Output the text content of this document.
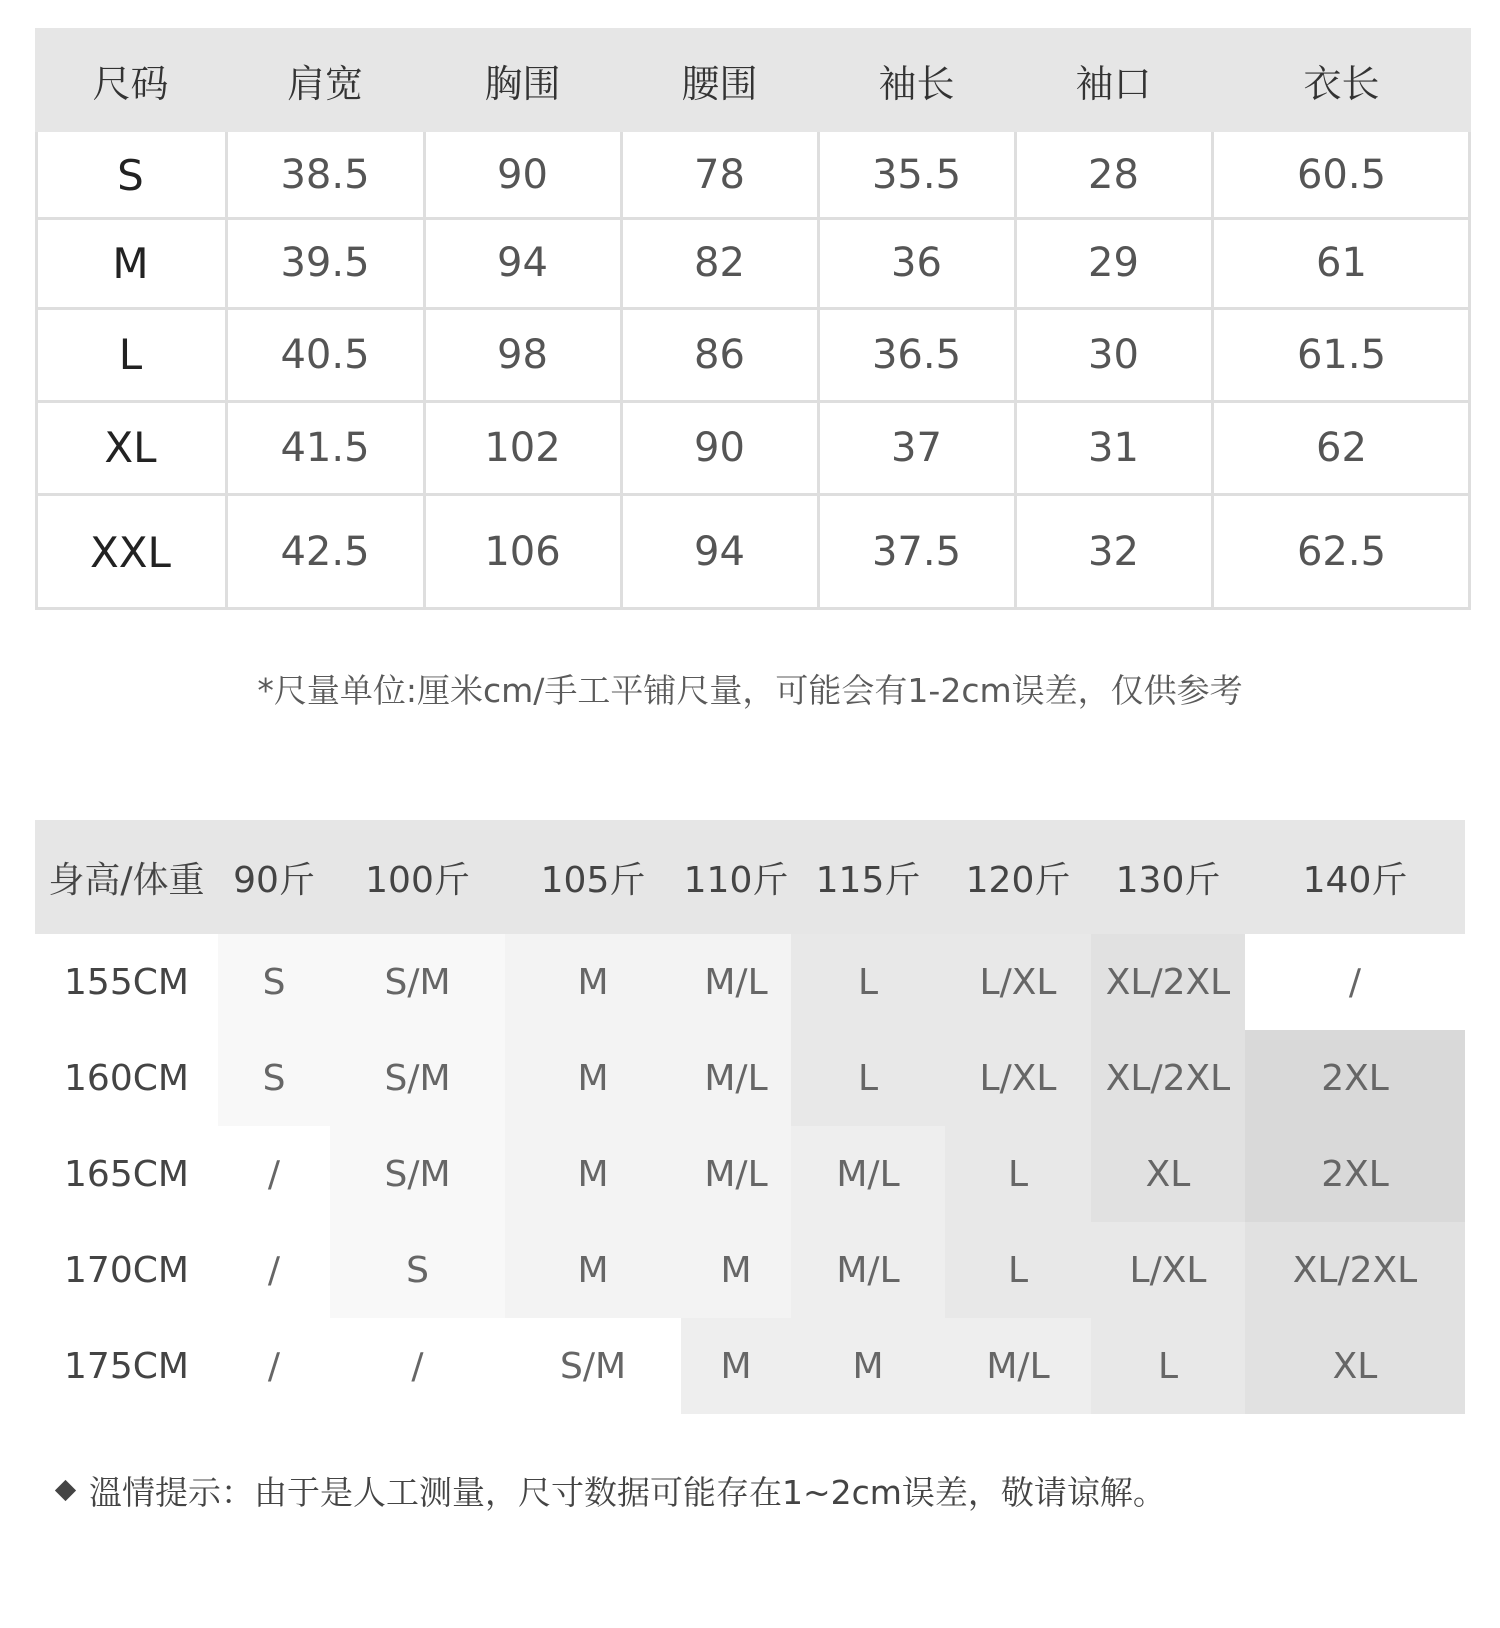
尺码	肩宽	胸围	腰围	袖长	袖口	衣长
S	38.5	90	78	35.5	28	60.5
M	39.5	94	82	36	29	61
L	40.5	98	86	36.5	30	61.5
XL	41.5	102	90	37	31	62
XXL	42.5	106	94	37.5	32	62.5
*尺量单位:厘米cm/手工平铺尺量，可能会有1-2cm误差，仅供参考
身高/体重 90斤	100斤	105斤	110斤 115斤	120斤	130斤	140斤
155CM	S	S/M	M	M/L	L	L/XL	XL/2XL	/
160CM	S	S/M	M	M/L	L	L/XL	XL/2XL	2XL
165CM	/	S/M	M	M/L	M/L	L	XL	2XL
170CM	/	S	M	M	M/L	L	L/XL	XL/2XL
175CM	/	/	S/M	M	M	M/L	L	XL
溫情提示：由于是人工测量，尺寸数据可能存在1~2cm误差，敬请谅解。
